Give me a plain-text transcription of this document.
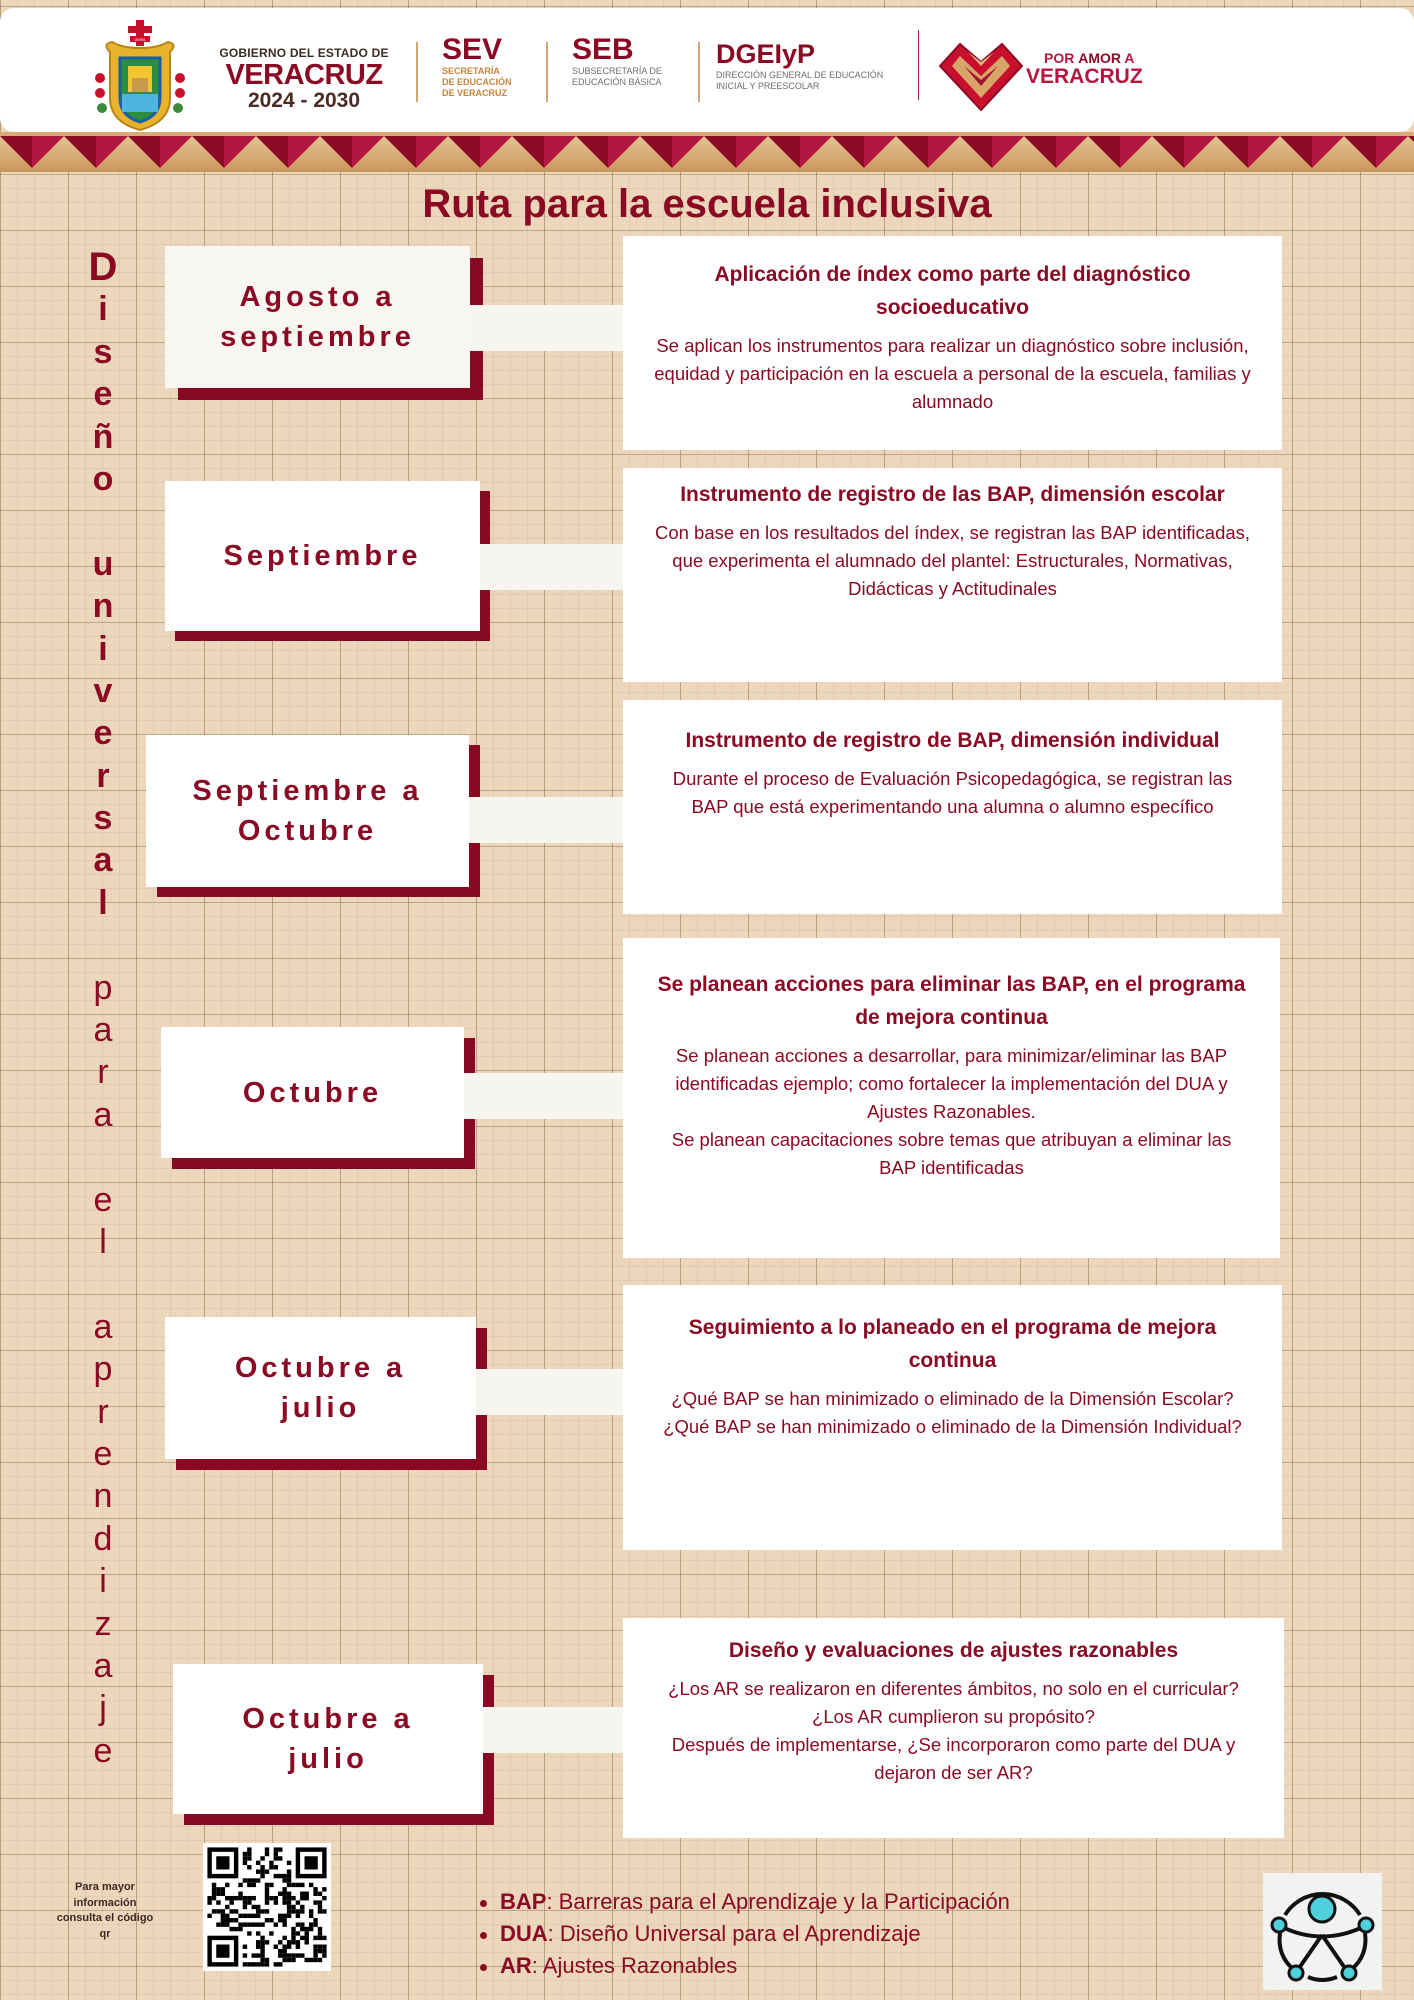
VERA
GOBIERNO DEL ESTADO DE
VERACRUZ
2024 - 2030
SEV
SECRETARÍA
DE EDUCACIÓN
DE VERACRUZ
SEB
SUBSECRETARÍA DE
EDUCACIÓN BÁSICA
DGEIyP
DIRECCIÓN GENERAL DE EDUCACIÓN
INICIAL Y PREESCOLAR
POR AMOR A
VERACRUZ
Ruta para la escuela inclusiva
D
i
s
e
ñ
o
u
n
i
v
e
r
s
a
l
p
a
r
a
e
l
a
p
r
e
n
d
i
z
a
j
e
Agosto a septiembre
Aplicación de índex como parte del diagnóstico socioeducativo

Se aplican los instrumentos para realizar un diagnóstico sobre inclusión, equidad y participación en la escuela a personal de la escuela, familias y alumnado

Septiembre
Instrumento de registro de las BAP, dimensión escolar

Con base en los resultados del índex, se registran las BAP identificadas, que experimenta el alumnado del plantel: Estructurales, Normativas, Didácticas y Actitudinales

Septiembre a Octubre
Instrumento de registro de BAP, dimensión individual

Durante el proceso de Evaluación Psicopedagógica, se registran las BAP que está experimentando una alumna o alumno específico

Octubre
Se planean acciones para eliminar las BAP, en el programa de mejora continua

Se planean acciones a desarrollar, para minimizar/eliminar las BAP identificadas ejemplo; como fortalecer la implementación del DUA y Ajustes Razonables.
Se planean capacitaciones sobre temas que atribuyan a eliminar las BAP identificadas

Octubre a julio
Seguimiento a lo planeado en el programa de mejora continua

¿Qué BAP se han minimizado o eliminado de la Dimensión Escolar?
¿Qué BAP se han minimizado o eliminado de la Dimensión Individual?

Octubre a julio
Diseño y evaluaciones de ajustes razonables

¿Los AR se realizaron en diferentes ámbitos, no solo en el curricular?
¿Los AR cumplieron su propósito?
Después de implementarse, ¿Se incorporaron como parte del DUA y dejaron de ser AR?

Para mayor información consulta el código qr
BAP: Barreras para el Aprendizaje y la Participación
DUA: Diseño Universal para el Aprendizaje
AR: Ajustes Razonables
